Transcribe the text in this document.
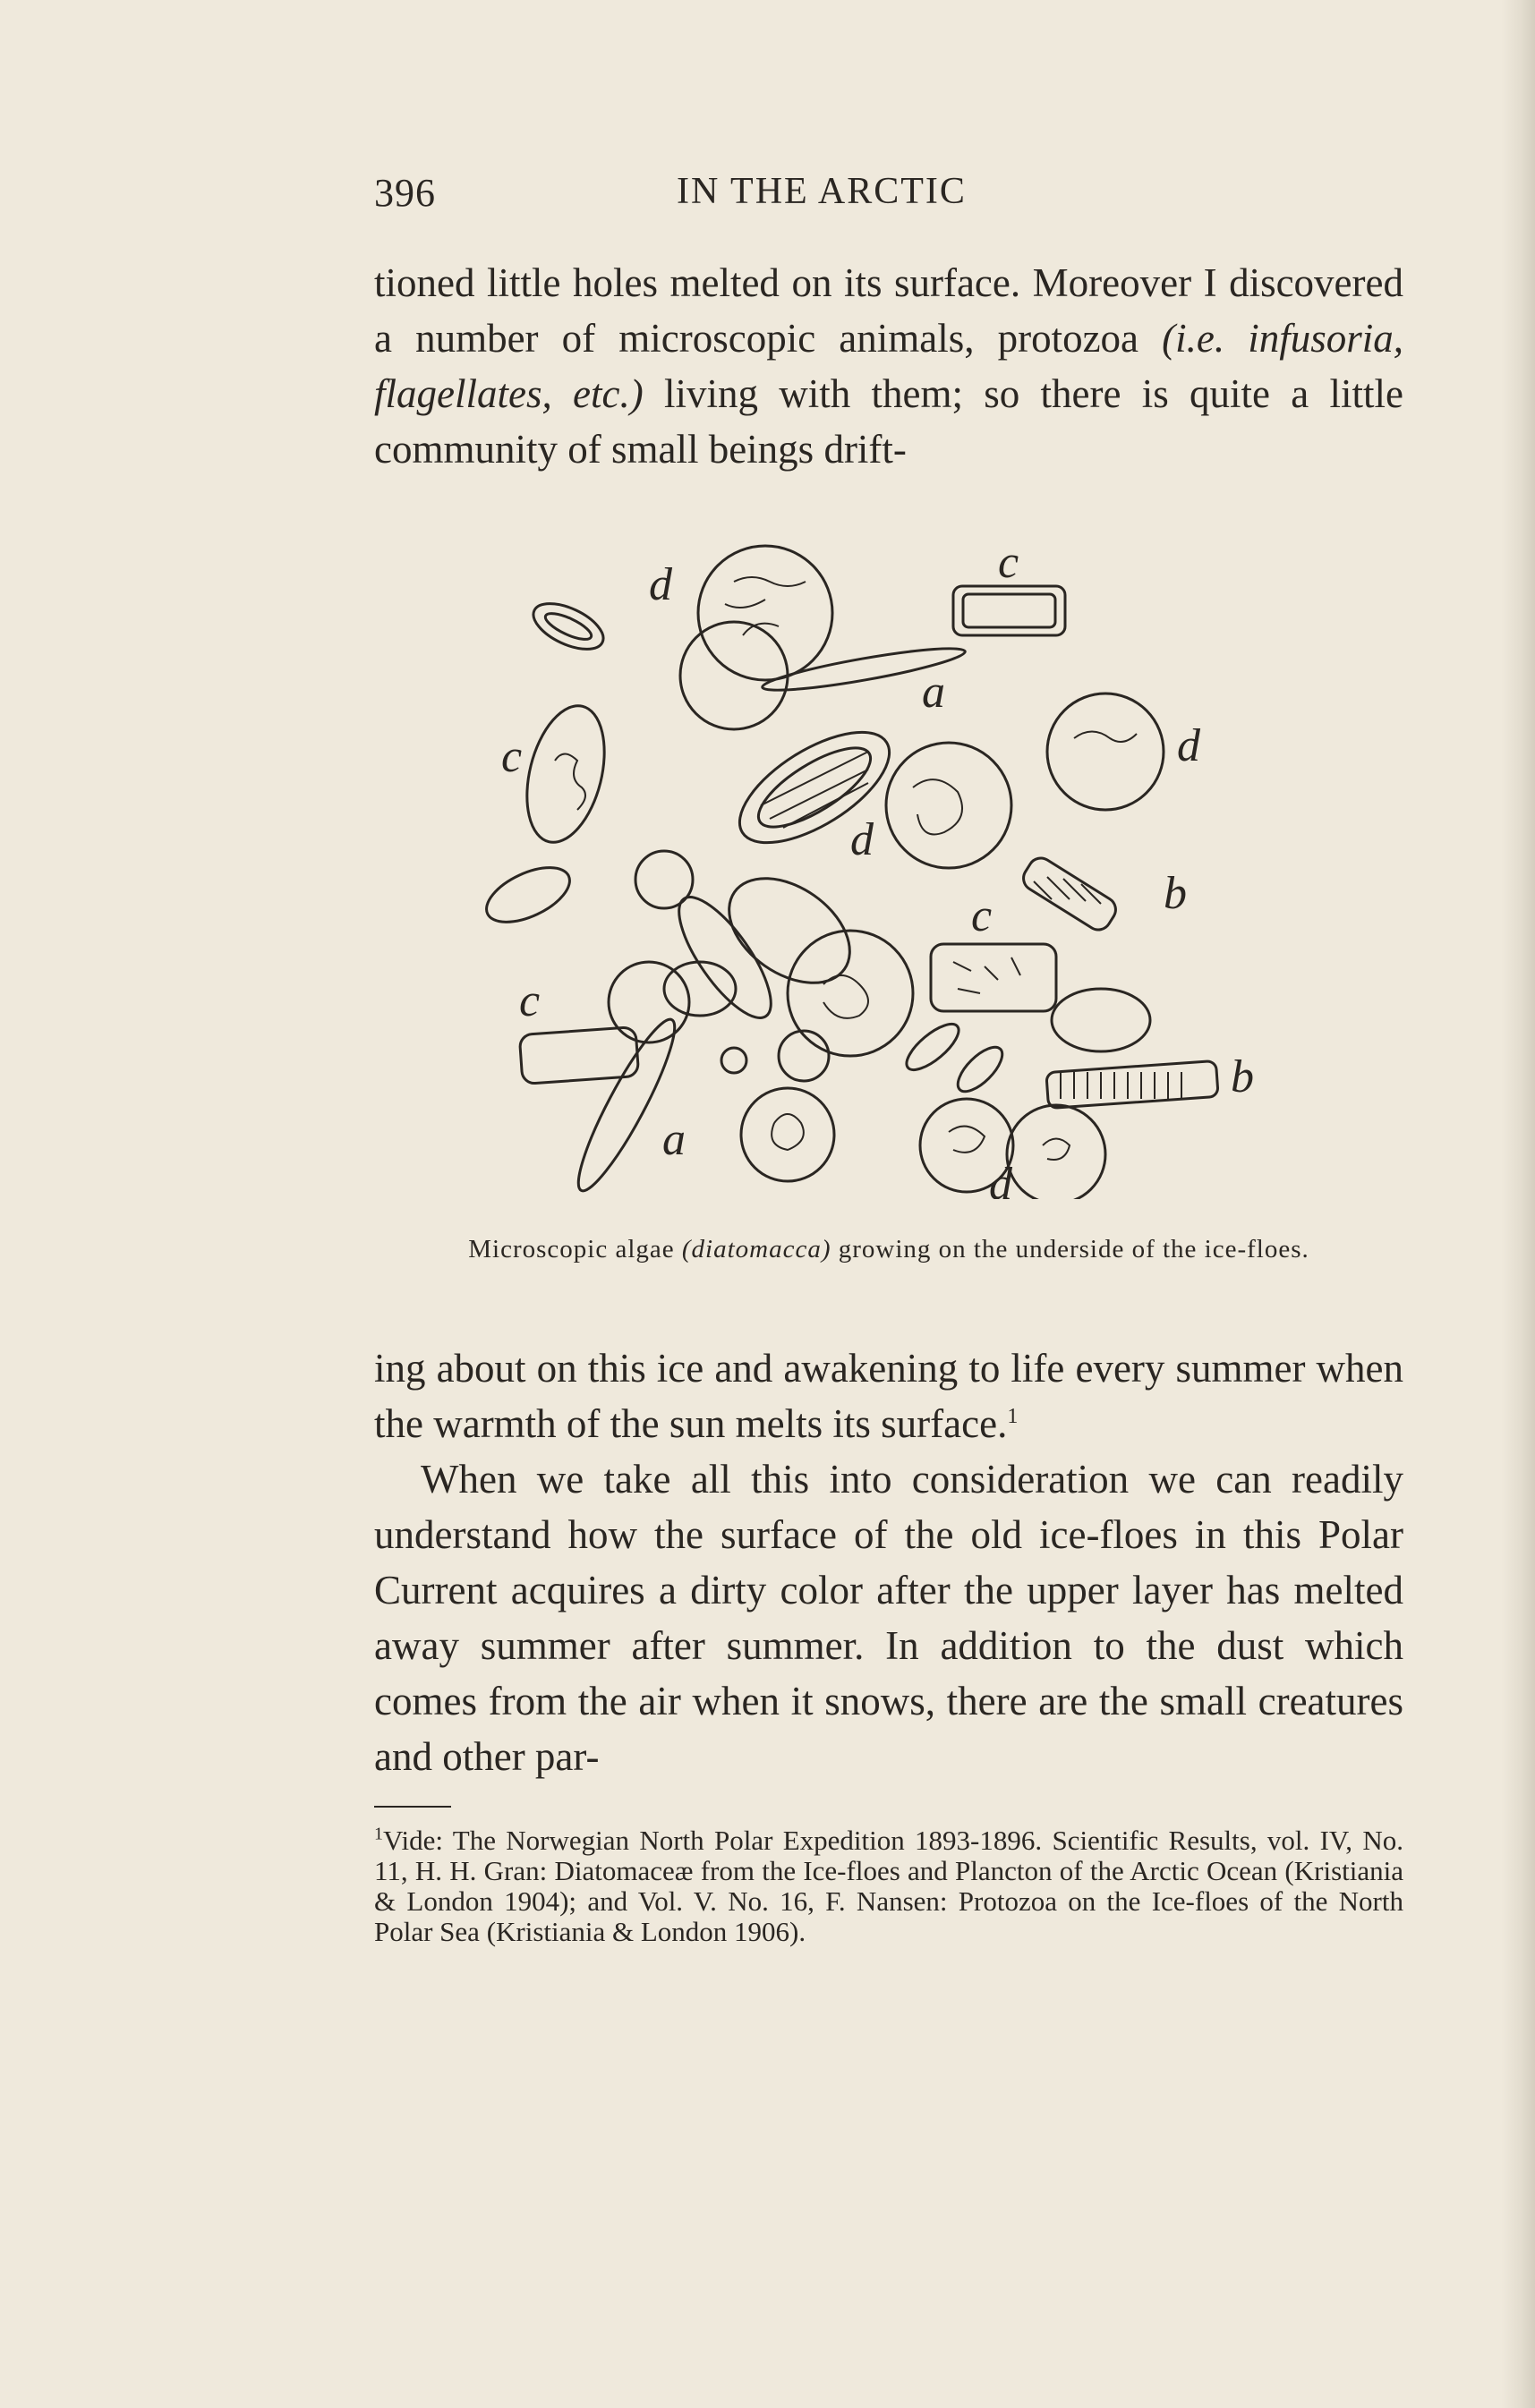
396	IN THE ARCTIC

tioned little holes melted on its surface. Moreover I discovered a number of microscopic animals, protozoa (i.e. infusoria, flagellates, etc.) living with them; so there is quite a little community of small beings drift-

d	c
a
c	d
d
b
c
c
b
a
d
Microscopic algae (diatomacca) growing on the underside of the ice-floes.

ing about on this ice and awakening to life every summer when the warmth of the sun melts its surface.$^1$

When we take all this into consideration we can readily understand how the surface of the old ice-floes in this Polar Current acquires a dirty color after the upper layer has melted away summer after summer. In addition to the dust which comes from the air when it snows, there are the small creatures and other par-

$^1$Vide: The Norwegian North Polar Expedition 1893-1896. Scientific Results, vol. IV, No. 11, H. H. Gran: Diatomaceæ from the Ice-floes and Plancton of the Arctic Ocean (Kristiania & London 1904); and Vol. V. No. 16, F. Nansen: Protozoa on the Ice-floes of the North Polar Sea (Kristiania & London 1906).
